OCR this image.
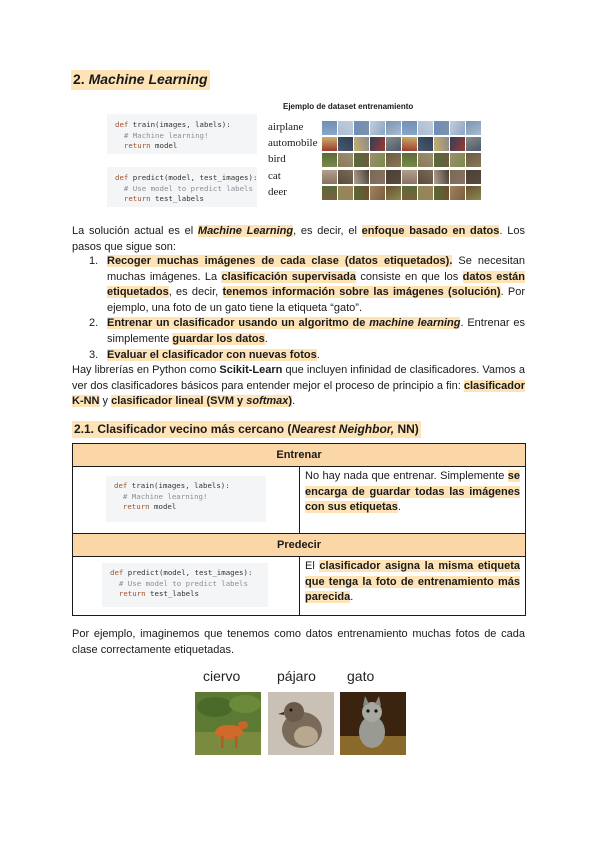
2. Machine Learning
def train(images, labels):
# Machine learning!
return model
def predict(model, test_images):
# Use model to predict labels
return test_labels
Ejemplo de dataset entrenamiento
airplane
automobile
bird
cat
deer
La solución actual es el Machine Learning, es decir, el enfoque basado en datos. Los pasos que sigue son:
1. Recoger muchas imágenes de cada clase (datos etiquetados). Se necesitan muchas imágenes. La clasificación supervisada consiste en que los datos están etiquetados, es decir, tenemos información sobre las imágenes (solución). Por ejemplo, una foto de un gato tiene la etiqueta “gato”.
2. Entrenar un clasificador usando un algoritmo de machine learning. Entrenar es simplemente guardar los datos.
3. Evaluar el clasificador con nuevas fotos.
Hay librerías en Python como Scikit-Learn que incluyen infinidad de clasificadores. Vamos a ver dos clasificadores básicos para entender mejor el proceso de principio a fin: clasificador K-NN y clasificador lineal (SVM y softmax).
2.1. Clasificador vecino más cercano (Nearest Neighbor, NN)
Entrenar
def train(images, labels):
# Machine learning!
return model
No hay nada que entrenar. Simplemente se encarga de guardar todas las imágenes con sus etiquetas.
Predecir
def predict(model, test_images):
# Use model to predict labels
return test_labels
El clasificador asigna la misma etiqueta que tenga la foto de entrenamiento más parecida.
Por ejemplo, imaginemos que tenemos como datos entrenamiento muchas fotos de cada clase correctamente etiquetadas.
ciervo	pájaro gato
